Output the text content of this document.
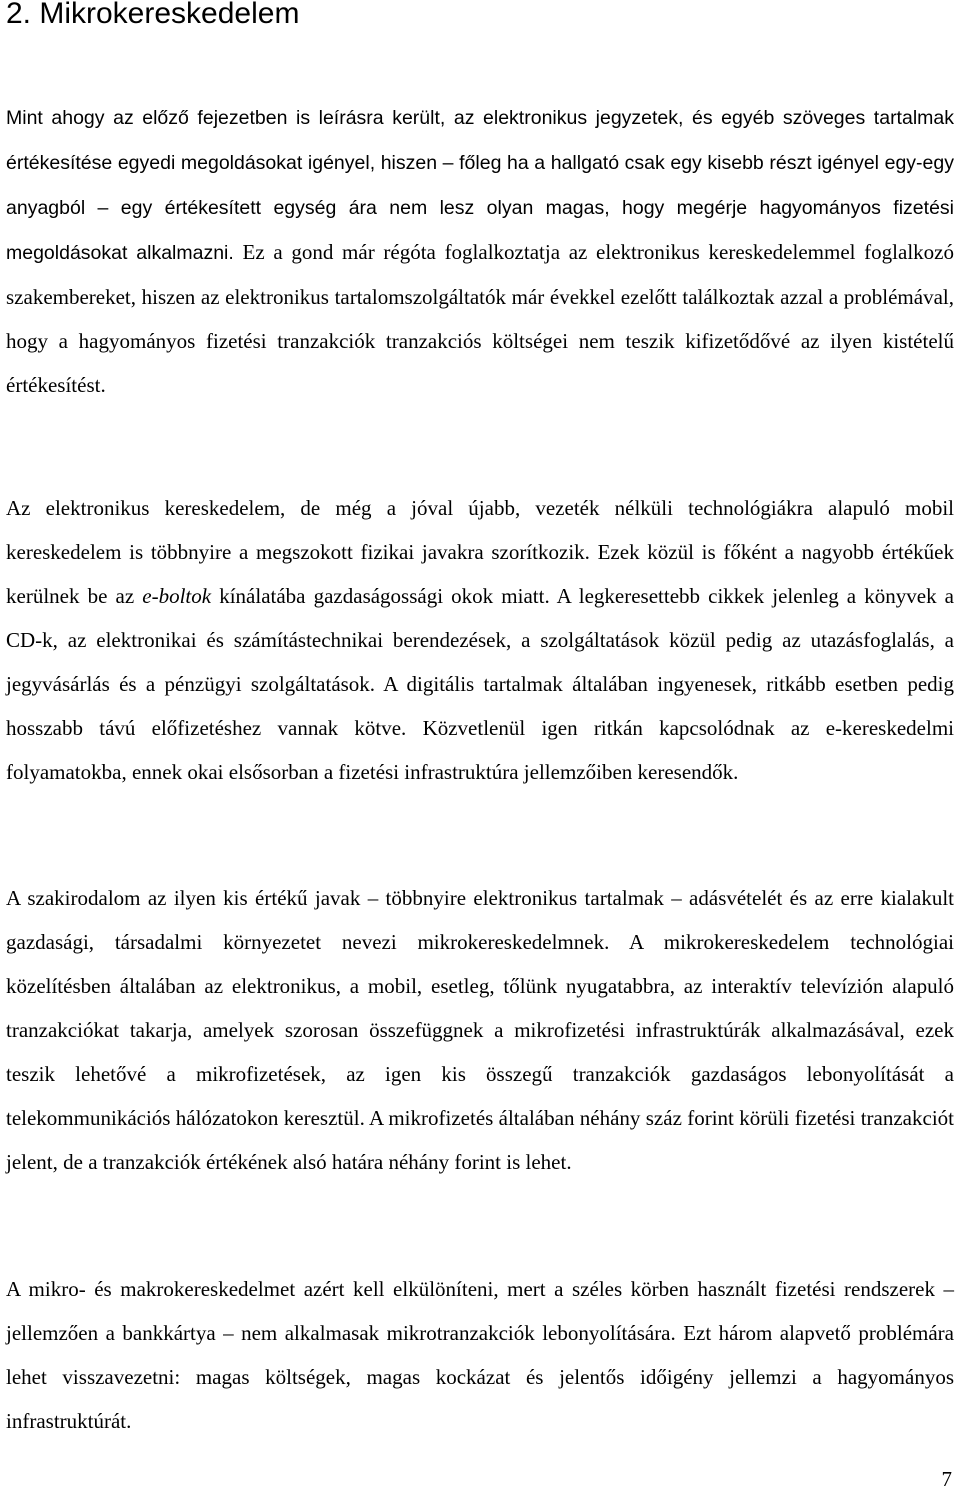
2. Mikrokereskedelem

Mint ahogy az előző fejezetben is leírásra került, az elektronikus jegyzetek, és egyéb szöveges tartalmak értékesítése egyedi megoldásokat igényel, hiszen – főleg ha a hallgató csak egy kisebb részt igényel egy-egy anyagból – egy értékesített egység ára nem lesz olyan magas, hogy megérje hagyományos fizetési megoldásokat alkalmazni. Ez a gond már régóta foglalkoztatja az elektronikus kereskedelemmel foglalkozó szakembereket, hiszen az elektronikus tartalomszolgáltatók már évekkel ezelőtt találkoztak azzal a problémával, hogy a hagyományos fizetési tranzakciók tranzakciós költségei nem teszik kifizetődővé az ilyen kistételű értékesítést.

Az elektronikus kereskedelem, de még a jóval újabb, vezeték nélküli technológiákra alapuló mobil kereskedelem is többnyire a megszokott fizikai javakra szorítkozik. Ezek közül is főként a nagyobb értékűek kerülnek be az e-boltok kínálatába gazdaságossági okok miatt. A legkeresettebb cikkek jelenleg a könyvek a CD-k, az elektronikai és számítástechnikai berendezések, a szolgáltatások közül pedig az utazásfoglalás, a jegyvásárlás és a pénzügyi szolgáltatások. A digitális tartalmak általában ingyenesek, ritkább esetben pedig hosszabb távú előfizetéshez vannak kötve. Közvetlenül igen ritkán kapcsolódnak az e-kereskedelmi folyamatokba, ennek okai elsősorban a fizetési infrastruktúra jellemzőiben keresendők.

A szakirodalom az ilyen kis értékű javak – többnyire elektronikus tartalmak – adásvételét és az erre kialakult gazdasági, társadalmi környezetet nevezi mikrokereskedelmnek. A mikrokereskedelem technológiai közelítésben általában az elektronikus, a mobil, esetleg, tőlünk nyugatabbra, az interaktív televízión alapuló tranzakciókat takarja, amelyek szorosan összefüggnek a mikrofizetési infrastruktúrák alkalmazásával, ezek teszik lehetővé a mikrofizetések, az igen kis összegű tranzakciók gazdaságos lebonyolítását a telekommunikációs hálózatokon keresztül. A mikrofizetés általában néhány száz forint körüli fizetési tranzakciót jelent, de a tranzakciók értékének alsó határa néhány forint is lehet.

A mikro- és makrokereskedelmet azért kell elkülöníteni, mert a széles körben használt fizetési rendszerek – jellemzően a bankkártya – nem alkalmasak mikrotranzakciók lebonyolítására. Ezt három alapvető problémára lehet visszavezetni: magas költségek, magas kockázat és jelentős időigény jellemzi a hagyományos infrastruktúrát.

7
